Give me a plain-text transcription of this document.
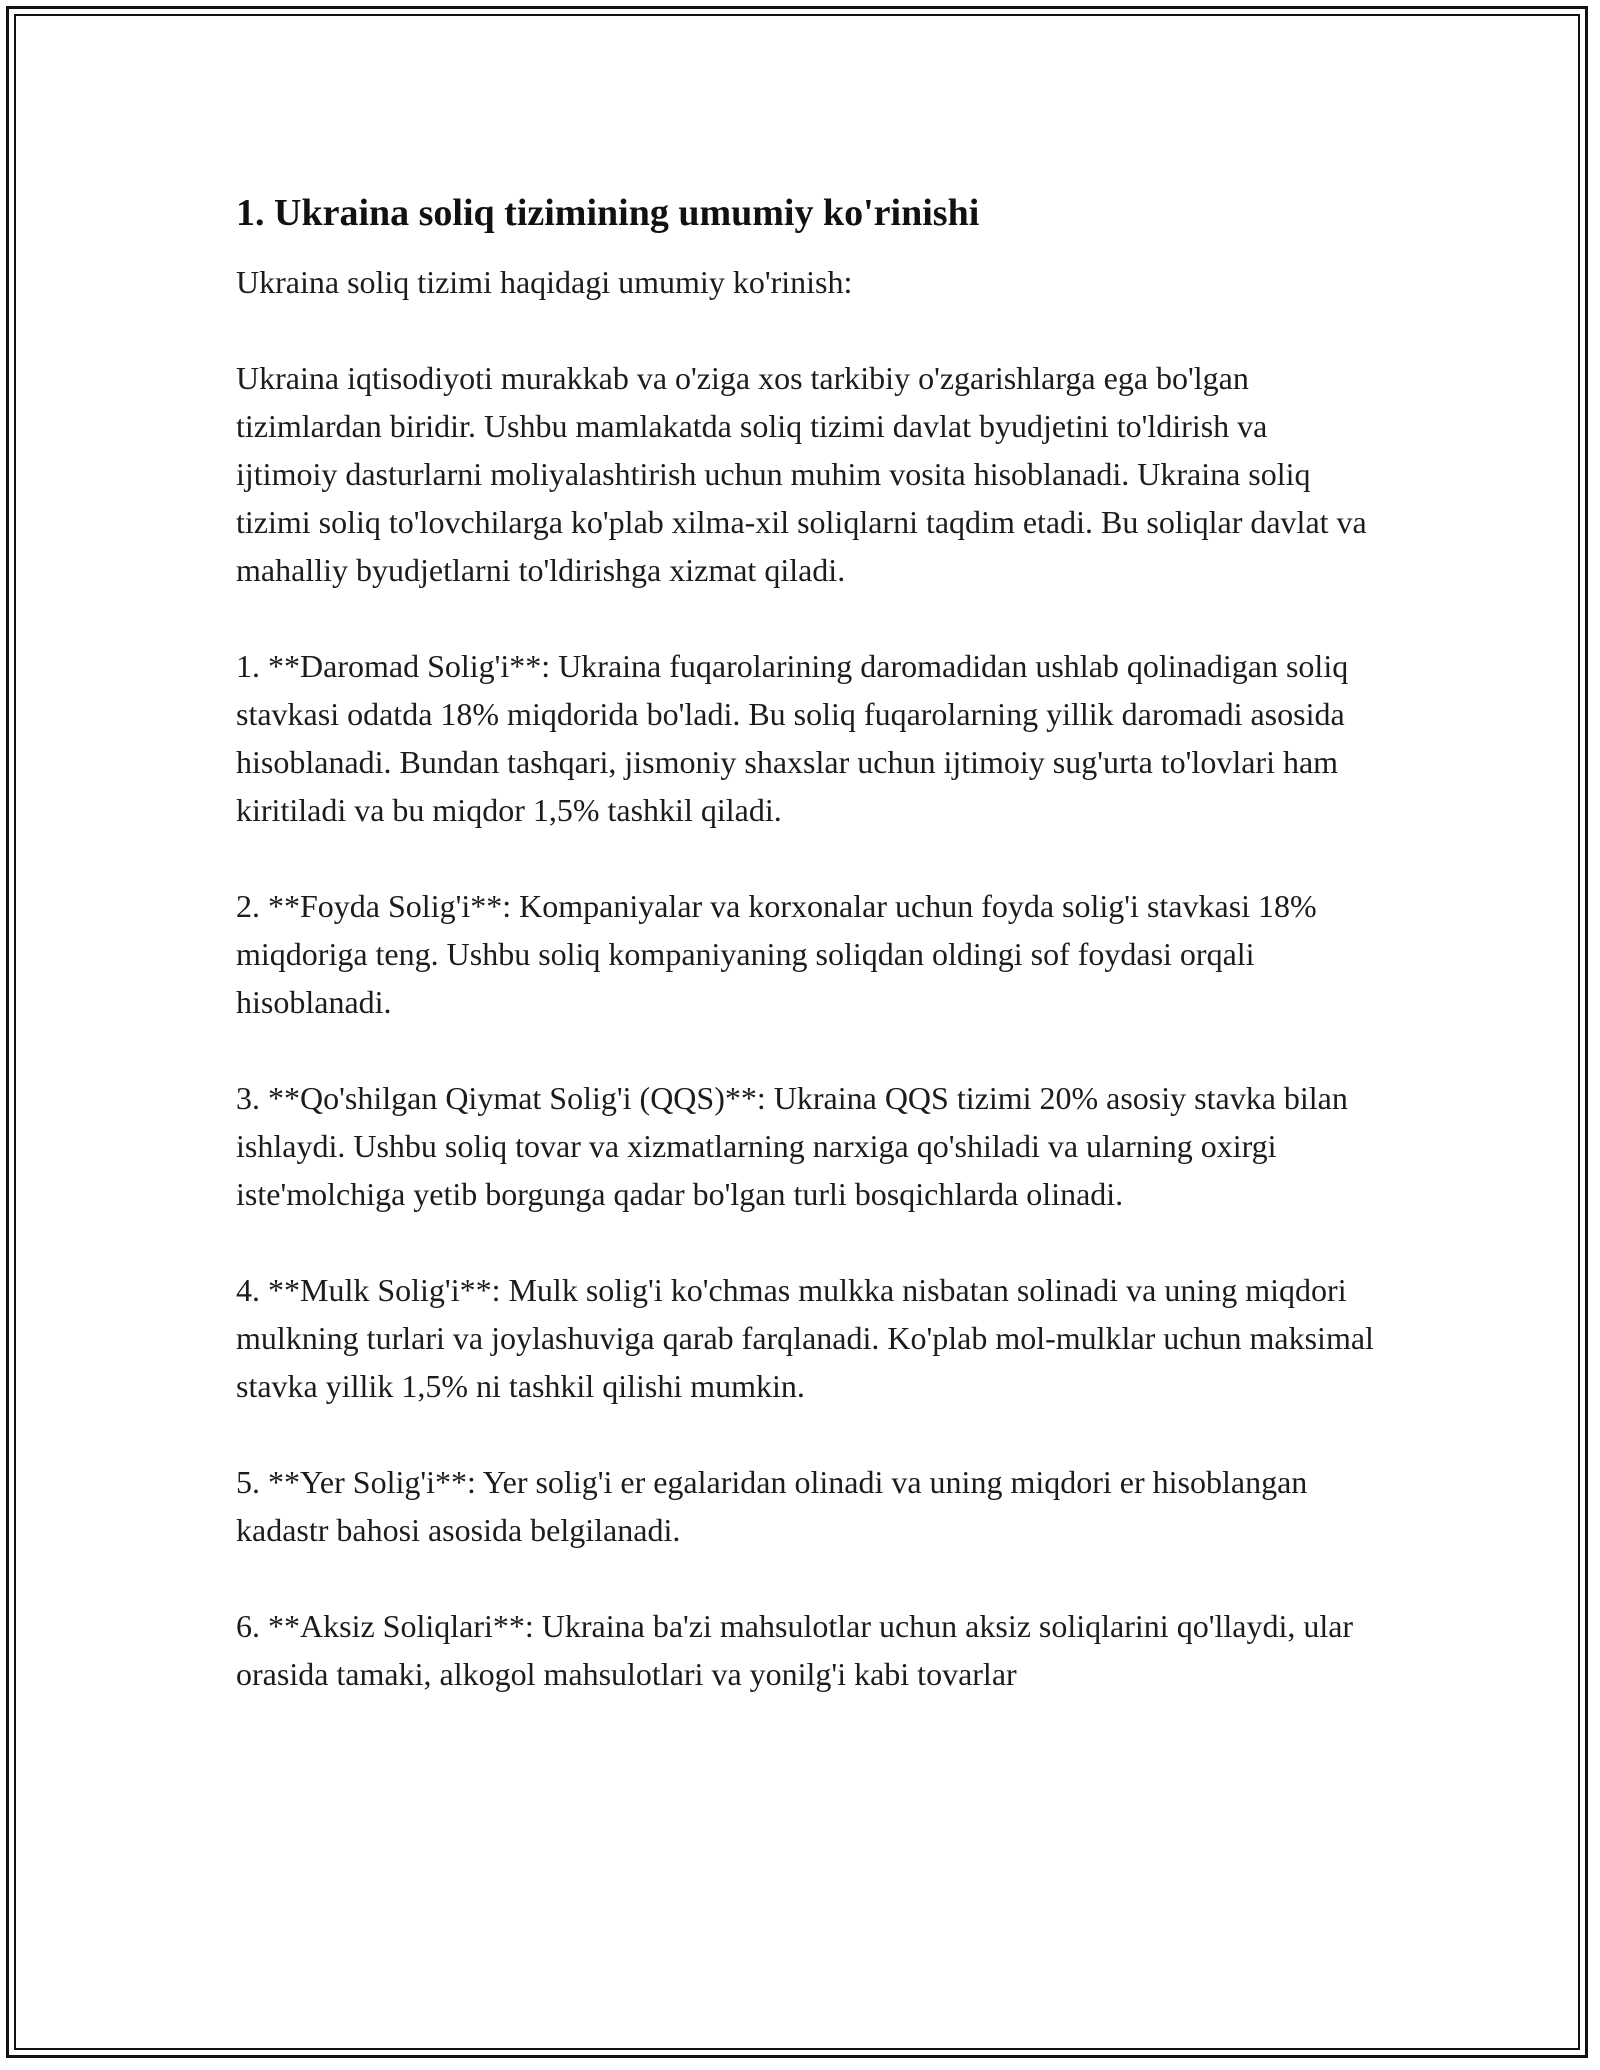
1. Ukraina soliq tizimining umumiy ko'rinishi

Ukraina soliq tizimi haqidagi umumiy ko'rinish:

Ukraina iqtisodiyoti murakkab va o'ziga xos tarkibiy o'zgarishlarga ega bo'lgan tizimlardan biridir. Ushbu mamlakatda soliq tizimi davlat byudjetini to'ldirish va ijtimoiy dasturlarni moliyalashtirish uchun muhim vosita hisoblanadi. Ukraina soliq tizimi soliq to'lovchilarga ko'plab xilma-xil soliqlarni taqdim etadi. Bu soliqlar davlat va mahalliy byudjetlarni to'ldirishga xizmat qiladi.

1. **Daromad Solig'i**: Ukraina fuqarolarining daromadidan ushlab qolinadigan soliq stavkasi odatda 18% miqdorida bo'ladi. Bu soliq fuqarolarning yillik daromadi asosida hisoblanadi. Bundan tashqari, jismoniy shaxslar uchun ijtimoiy sug'urta to'lovlari ham kiritiladi va bu miqdor 1,5% tashkil qiladi.

2. **Foyda Solig'i**: Kompaniyalar va korxonalar uchun foyda solig'i stavkasi 18% miqdoriga teng. Ushbu soliq kompaniyaning soliqdan oldingi sof foydasi orqali hisoblanadi.

3. **Qo'shilgan Qiymat Solig'i (QQS)**: Ukraina QQS tizimi 20% asosiy stavka bilan ishlaydi. Ushbu soliq tovar va xizmatlarning narxiga qo'shiladi va ularning oxirgi iste'molchiga yetib borgunga qadar bo'lgan turli bosqichlarda olinadi.

4. **Mulk Solig'i**: Mulk solig'i ko'chmas mulkka nisbatan solinadi va uning miqdori mulkning turlari va joylashuviga qarab farqlanadi. Ko'plab mol-mulklar uchun maksimal stavka yillik 1,5% ni tashkil qilishi mumkin.

5. **Yer Solig'i**: Yer solig'i er egalaridan olinadi va uning miqdori er hisoblangan kadastr bahosi asosida belgilanadi.

6. **Aksiz Soliqlari**: Ukraina ba'zi mahsulotlar uchun aksiz soliqlarini qo'llaydi, ular orasida tamaki, alkogol mahsulotlari va yonilg'i kabi tovarlar
